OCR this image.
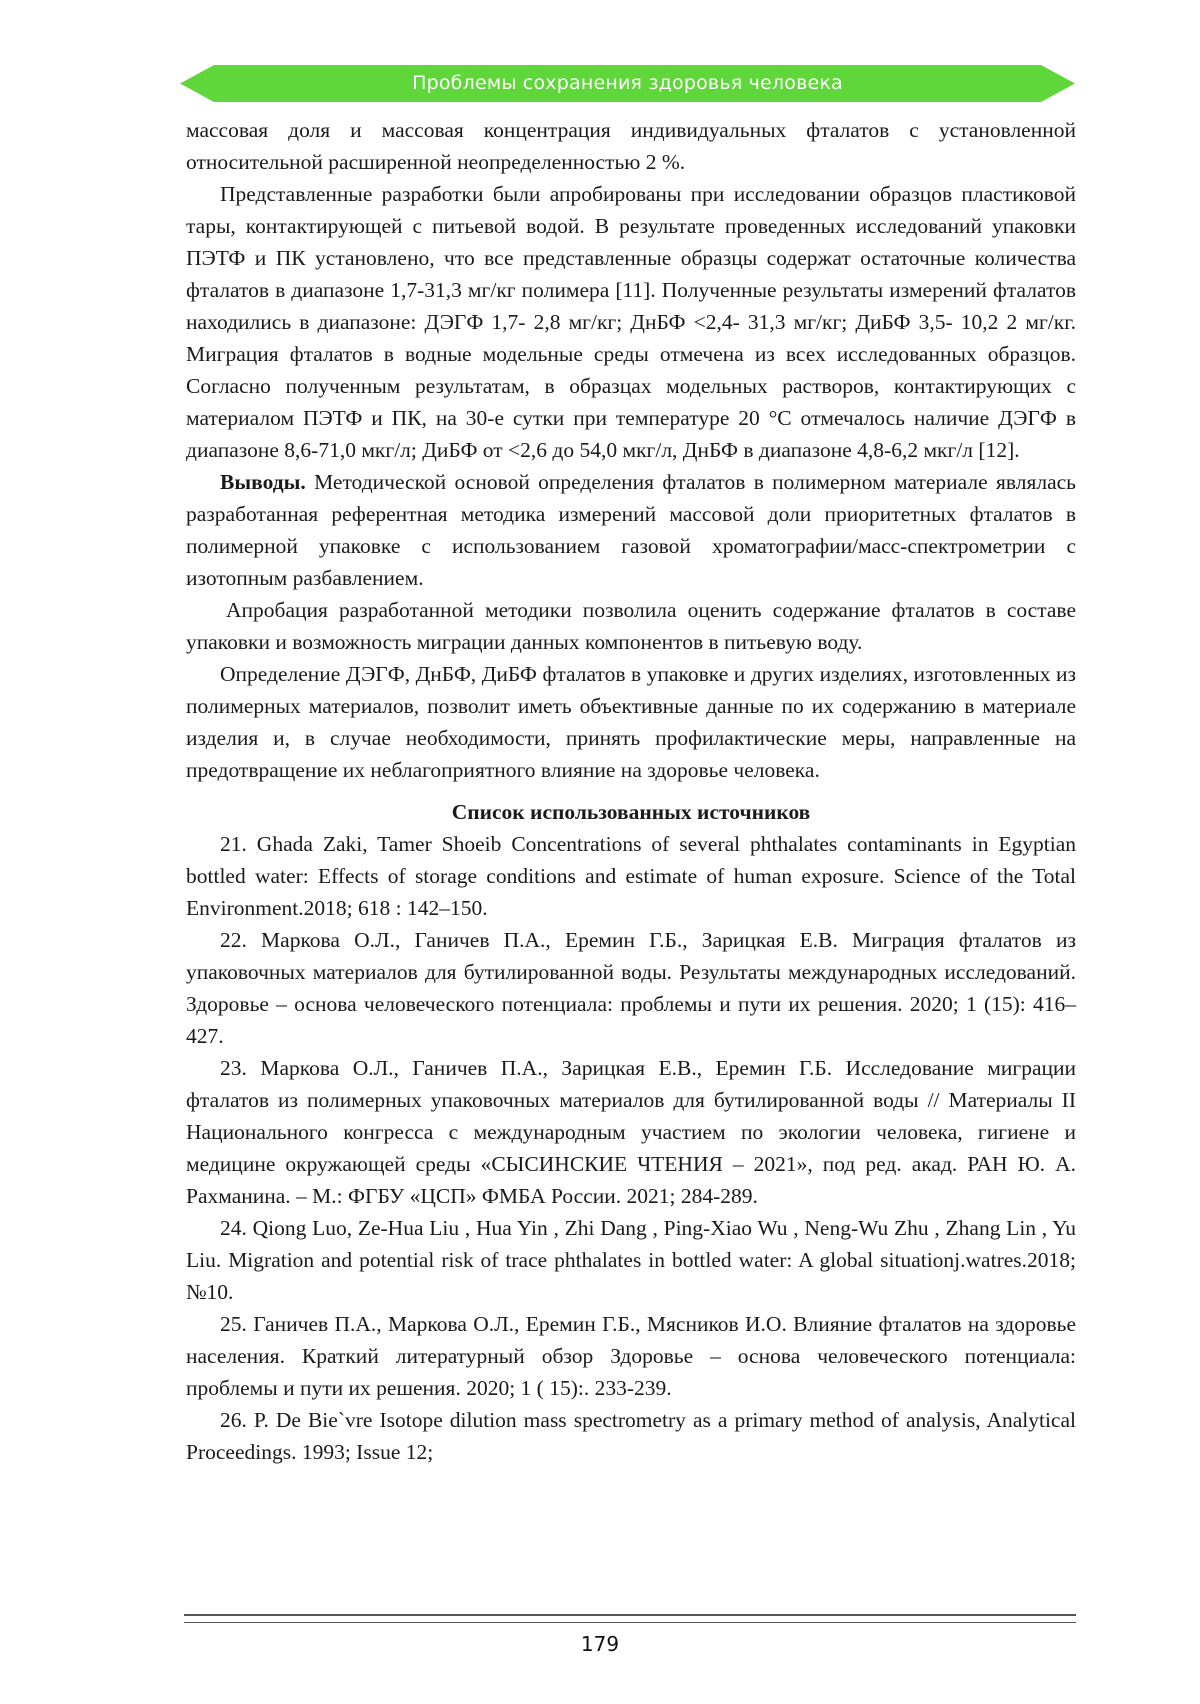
Проблемы сохранения здоровья человека

массовая доля и массовая концентрация индивидуальных фталатов с установленной относительной расширенной неопределенностью 2 %.

Представленные разработки были апробированы при исследовании образцов пластиковой тары, контактирующей с питьевой водой. В результате проведенных исследований упаковки ПЭТФ и ПК установлено, что все представленные образцы содержат остаточные количества фталатов в диапазоне 1,7-31,3 мг/кг полимера [11]. Полученные результаты измерений фталатов находились в диапазоне: ДЭГФ 1,7- 2,8 мг/кг; ДнБФ <2,4- 31,3 мг/кг; ДиБФ 3,5- 10,2 2 мг/кг. Миграция фталатов в водные модельные среды отмечена из всех исследованных образцов. Согласно полученным результатам, в образцах модельных растворов, контактирующих с материалом ПЭТФ и ПК, на 30-е сутки при температуре 20 °С отмечалось наличие ДЭГФ в диапазоне 8,6-71,0 мкг/л; ДиБФ от <2,6 до 54,0 мкг/л, ДнБФ в диапазоне 4,8-6,2 мкг/л [12].

Выводы. Методической основой определения фталатов в полимерном материале являлась разработанная референтная методика измерений массовой доли приоритетных фталатов в полимерной упаковке с использованием газовой хроматографии/масс-спектрометрии с изотопным разбавлением.

Апробация разработанной методики позволила оценить содержание фталатов в составе упаковки и возможность миграции данных компонентов в питьевую воду.

Определение ДЭГФ, ДнБФ, ДиБФ фталатов в упаковке и других изделиях, изготовленных из полимерных материалов, позволит иметь объективные данные по их содержанию в материале изделия и, в случае необходимости, принять профилактические меры, направленные на предотвращение их неблагоприятного влияние на здоровье человека.

Список использованных источников

21. Ghada Zaki, Tamer Shoeib Concentrations of several phthalates contaminants in Egyptian bottled water: Effects of storage conditions and estimate of human exposure. Science of the Total Environment.2018; 618 : 142–150.

22. Маркова О.Л., Ганичев П.А., Еремин Г.Б., Зарицкая Е.В. Миграция фталатов из упаковочных материалов для бутилированной воды. Результаты международных исследований. Здоровье – основа человеческого потенциала: проблемы и пути их решения. 2020; 1 (15): 416–427.

23. Маркова О.Л., Ганичев П.А., Зарицкая Е.В., Еремин Г.Б. Исследование миграции фталатов из полимерных упаковочных материалов для бутилированной воды // Материалы II Национального конгресса с международным участием по экологии человека, гигиене и медицине окружающей среды «СЫСИНСКИЕ ЧТЕНИЯ – 2021», под ред. акад. РАН Ю. А. Рахманина. – М.: ФГБУ «ЦСП» ФМБА России. 2021; 284-289.

24. Qiong Luo, Ze-Hua Liu , Hua Yin , Zhi Dang , Ping-Xiao Wu , Neng-Wu Zhu , Zhang Lin , Yu Liu. Migration and potential risk of trace phthalates in bottled water: A global situationj.watres.2018; №10.

25. Ганичев П.А., Маркова О.Л., Еремин Г.Б., Мясников И.О. Влияние фталатов на здоровье населения. Краткий литературный обзор Здоровье – основа человеческого потенциала: проблемы и пути их решения. 2020; 1 ( 15):. 233-239.

26. P. De Bie`vre Isotope dilution mass spectrometry as a primary method of analysis, Analytical Proceedings. 1993; Issue 12;

179
